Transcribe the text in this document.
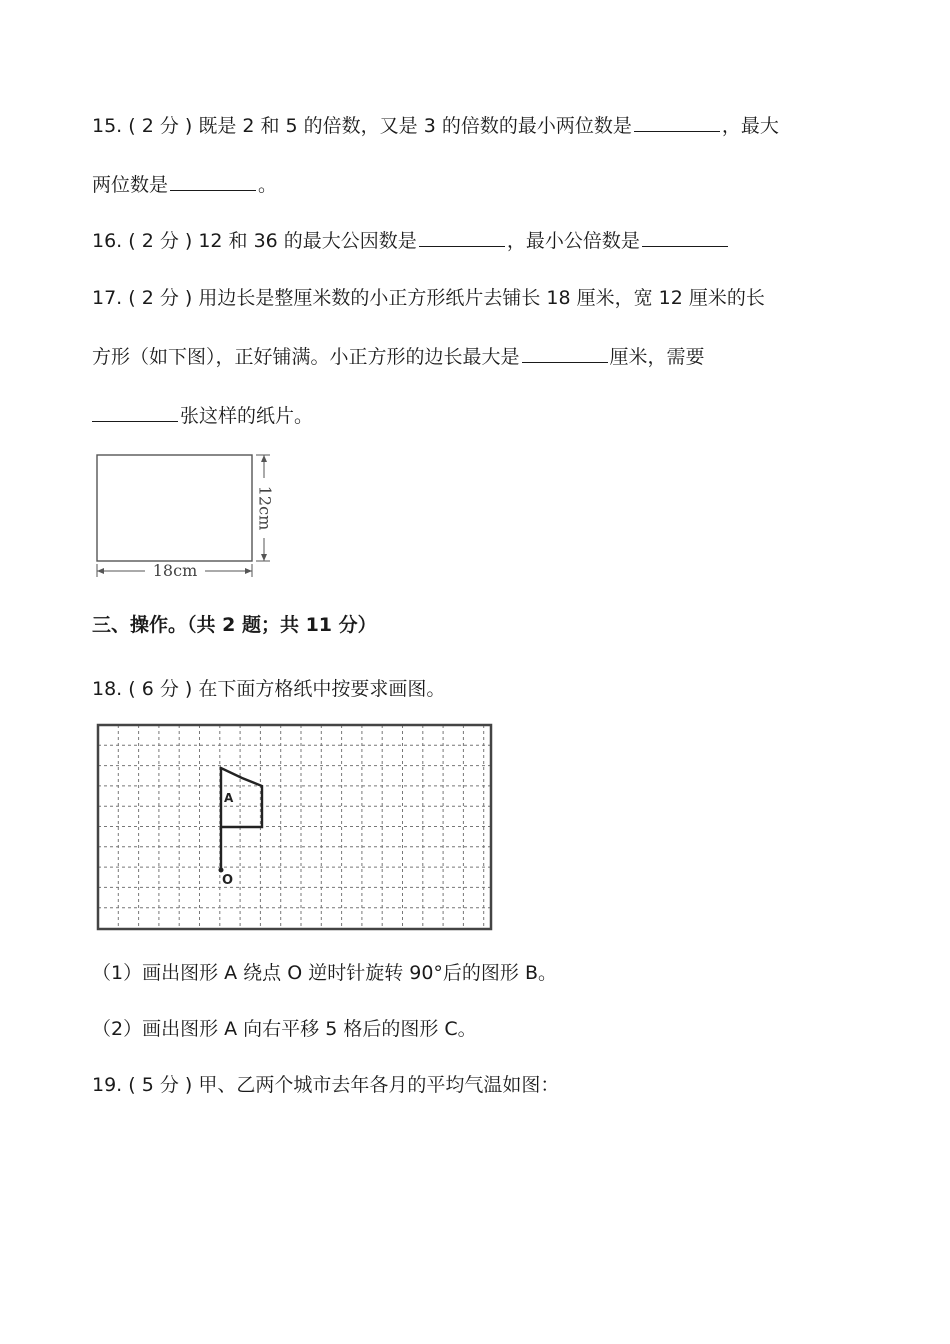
15. ( 2 分 ) 既是 2 和 5 的倍数，又是 3 的倍数的最小两位数是	，最大
两位数是	。
16. ( 2 分 ) 12 和 36 的最大公因数是	，最小公倍数是
17. ( 2 分 ) 用边长是整厘米数的小正方形纸片去铺长 18 厘米，宽 12 厘米的长
方形（如下图），正好铺满。小正方形的边长最大是	厘米，需要
张这样的纸片。
12cm
18cm
三、操作。（共 2 题；共 11 分）
18. ( 6 分 ) 在下面方格纸中按要求画图。
A
O
（1）画出图形 A 绕点 O 逆时针旋转 90°后的图形 B。
（2）画出图形 A 向右平移 5 格后的图形 C。
19. ( 5 分 ) 甲、乙两个城市去年各月的平均气温如图：
